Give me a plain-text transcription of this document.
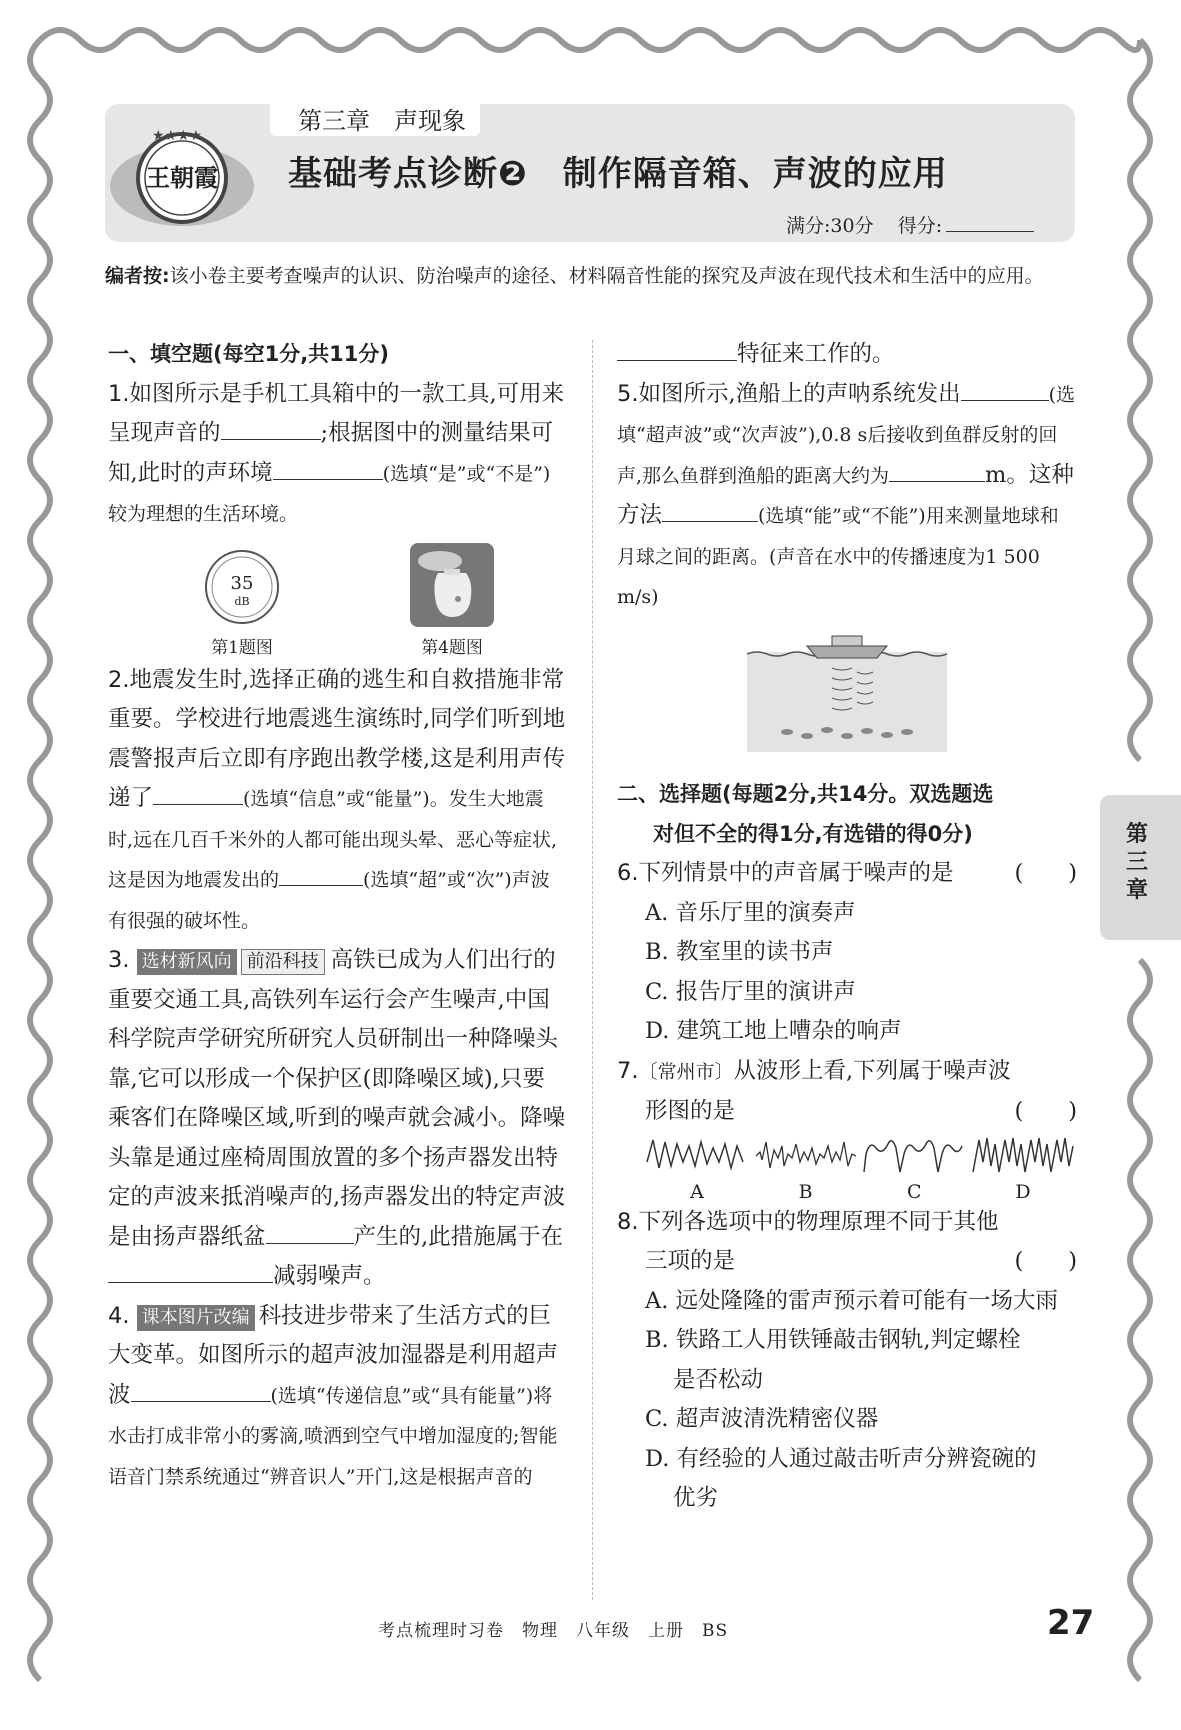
第三章　声现象
★★★★
王朝霞 基础考点诊断❷　制作隔音箱、声波的应用
满分:30分 得分:
编者按:该小卷主要考查噪声的认识、防治噪声的途径、材料隔音性能的探究及声波在现代技术和生活中的应用。
一、填空题(每空1分,共11分)

1.如图所示是手机工具箱中的一款工具,可用来呈现声音的	;根据图中的测量结果可知,此时的声环境	(选填“是”或“不是”)较为理想的生活环境。

35
dB
第1题图	第4题图

2.地震发生时,选择正确的逃生和自救措施非常重要。学校进行地震逃生演练时,同学们听到地震警报声后立即有序跑出教学楼,这是利用声传递了	(选填“信息”或“能量”)。发生大地震时,远在几百千米外的人都可能出现头晕、恶心等症状,这是因为地震发出的	(选填“超”或“次”)声波有很强的破坏性。

3. 选材新风向 前沿科技 高铁已成为人们出行的重要交通工具,高铁列车运行会产生噪声,中国科学院声学研究所研究人员研制出一种降噪头靠,它可以形成一个保护区(即降噪区域),只要乘客们在降噪区域,听到的噪声就会减小。降噪头靠是通过座椅周围放置的多个扬声器发出特定的声波来抵消噪声的,扬声器发出的特定声波是由扬声器纸盆	产生的,此措施属于在减弱噪声。

4. 课本图片改编 科技进步带来了生活方式的巨大变革。如图所示的超声波加湿器是利用超声波	(选填“传递信息”或“具有能量”)将水击打成非常小的雾滴,喷洒到空气中增加湿度的;智能语音门禁系统通过“辨音识人”开门,这是根据声音的

特征来工作的。

5.如图所示,渔船上的声呐系统发出	(选填“超声波”或“次声波”),0.8 s后接收到鱼群反射的回声,那么鱼群到渔船的距离大约为	m。这种方法	(选填“能”或“不能”)用来测量地球和月球之间的距离。(声音在水中的传播速度为1 500 m/s)

二、选择题(每题2分,共14分。双选题选
对但不全的得1分,有选错的得0分)

6.下列情景中的声音属于噪声的是	(　　)

A. 音乐厅里的演奏声
B. 教室里的读书声
C. 报告厅里的演讲声
D. 建筑工地上嘈杂的响声

7.〔常州市〕从波形上看,下列属于噪声波

形图的是	(　　)
A	B	C	D

8.下列各选项中的物理原理不同于其他

三项的是	(　　)
A. 远处隆隆的雷声预示着可能有一场大雨
B. 铁路工人用铁锤敲击钢轨,判定螺栓
是否松动
C. 超声波清洗精密仪器
D. 有经验的人通过敲击听声分辨瓷碗的
优劣
第三章
考点梳理时习卷　物理　八年级　上册　BS	27
